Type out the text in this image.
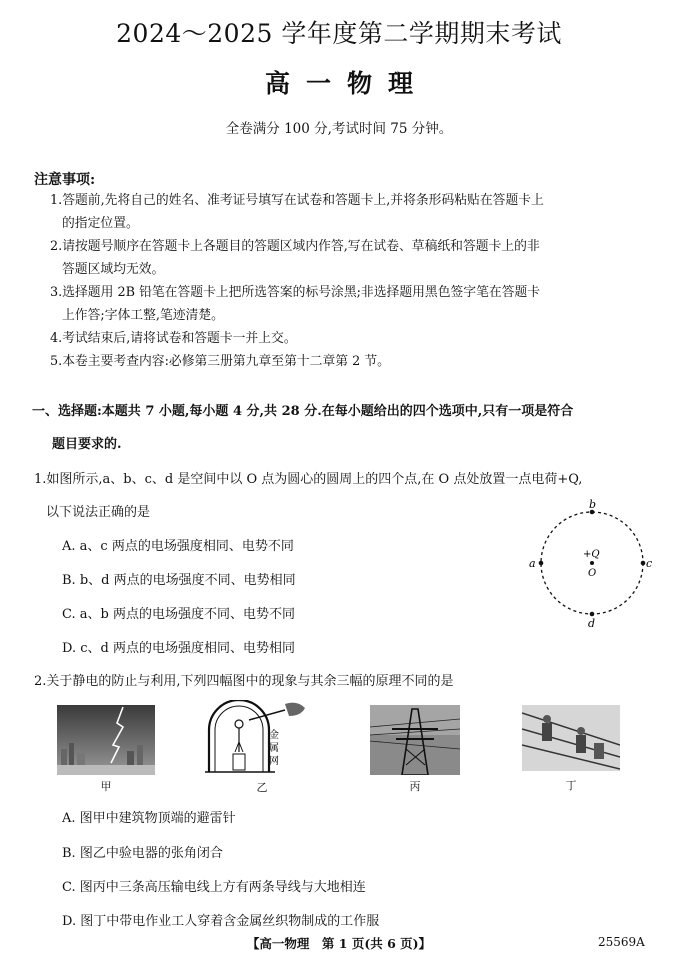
2024～2025 学年度第二学期期末考试
高一物理
全卷满分 100 分,考试时间 75 分钟。
注意事项:
1.答题前,先将自己的姓名、准考证号填写在试卷和答题卡上,并将条形码粘贴在答题卡上
的指定位置。
2.请按题号顺序在答题卡上各题目的答题区域内作答,写在试卷、草稿纸和答题卡上的非
答题区域均无效。
3.选择题用 2B 铅笔在答题卡上把所选答案的标号涂黑;非选择题用黑色签字笔在答题卡
上作答;字体工整,笔迹清楚。
4.考试结束后,请将试卷和答题卡一并上交。
5.本卷主要考查内容:必修第三册第九章至第十二章第 2 节。
一、选择题:本题共 7 小题,每小题 4 分,共 28 分.在每小题给出的四个选项中,只有一项是符合
题目要求的.
1.如图所示,a、b、c、d 是空间中以 O 点为圆心的圆周上的四个点,在 O 点处放置一点电荷+Q,
以下说法正确的是
A. a、c 两点的电场强度相同、电势不同
B. b、d 两点的电场强度不同、电势相同
C. a、b 两点的电场强度不同、电势不同
D. c、d 两点的电场强度相同、电势相同
b
a	c
d
+Q
O
2.关于静电的防止与利用,下列四幅图中的现象与其余三幅的原理不同的是
甲
金
属
网
乙	丙	丁
A. 图甲中建筑物顶端的避雷针
B. 图乙中验电器的张角闭合
C. 图丙中三条高压输电线上方有两条导线与大地相连
D. 图丁中带电作业工人穿着含金属丝织物制成的工作服
【高一物理　第 1 页(共 6 页)】	25569A
